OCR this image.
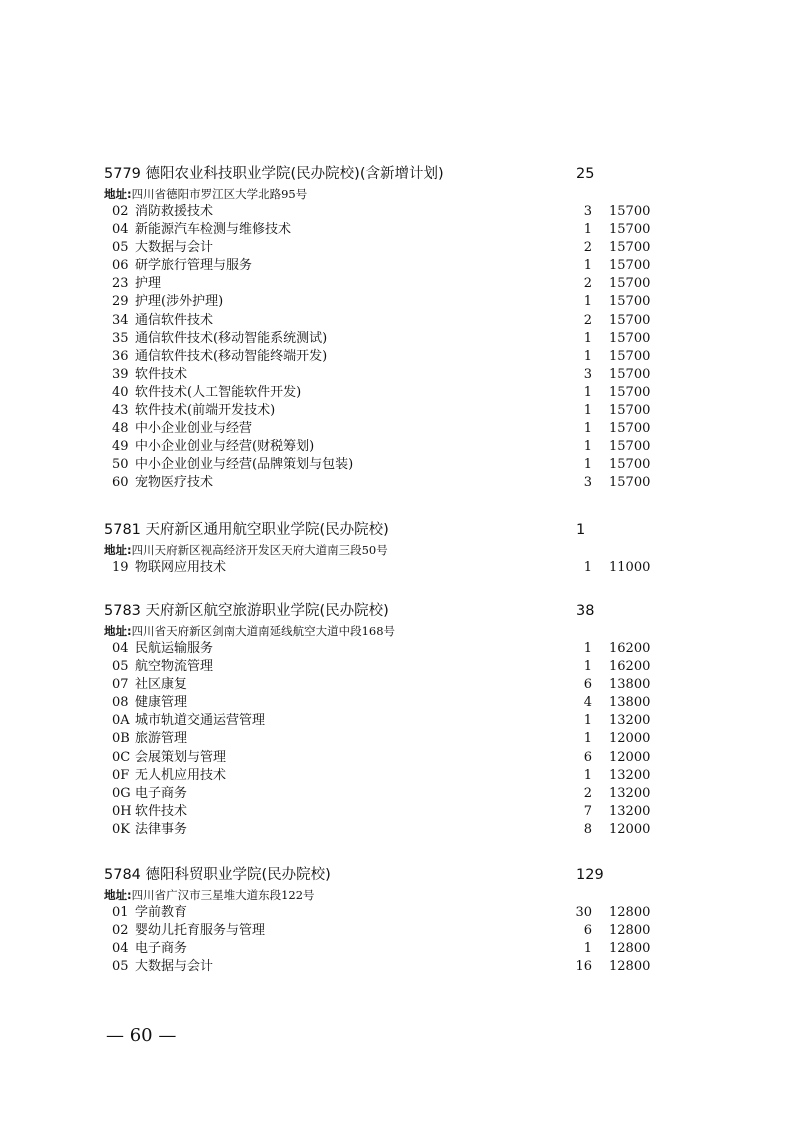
5779 德阳农业科技职业学院(民办院校)(含新增计划)	25
地址:四川省德阳市罗江区大学北路95号
02 消防救援技术	3 15700
04 新能源汽车检测与维修技术	1 15700
05 大数据与会计	2 15700
06 研学旅行管理与服务	1 15700
23 护理	2 15700
29 护理(涉外护理)	1 15700
34 通信软件技术	2 15700
35 通信软件技术(移动智能系统测试)	1 15700
36 通信软件技术(移动智能终端开发)	1 15700
39 软件技术	3 15700
40 软件技术(人工智能软件开发)	1 15700
43 软件技术(前端开发技术)	1 15700
48 中小企业创业与经营	1 15700
49 中小企业创业与经营(财税筹划)	1 15700
50 中小企业创业与经营(品牌策划与包装)	1 15700
60 宠物医疗技术	3 15700
5781 天府新区通用航空职业学院(民办院校)	1
地址:四川天府新区视高经济开发区天府大道南三段50号
19 物联网应用技术	1 11000
5783 天府新区航空旅游职业学院(民办院校)	38
地址:四川省天府新区剑南大道南延线航空大道中段168号
04 民航运输服务	1 16200
05 航空物流管理	1 16200
07 社区康复	6 13800
08 健康管理	4 13800
0A 城市轨道交通运营管理	1 13200
0B 旅游管理	1 12000
0C 会展策划与管理	6 12000
0F 无人机应用技术	1 13200
0G 电子商务	2 13200
0H 软件技术	7 13200
0K 法律事务	8 12000
5784 德阳科贸职业学院(民办院校)	129
地址:四川省广汉市三星堆大道东段122号
01 学前教育	30 12800
02 婴幼儿托育服务与管理	6 12800
04 电子商务	1 12800
05 大数据与会计	16 12800
— 60 —
